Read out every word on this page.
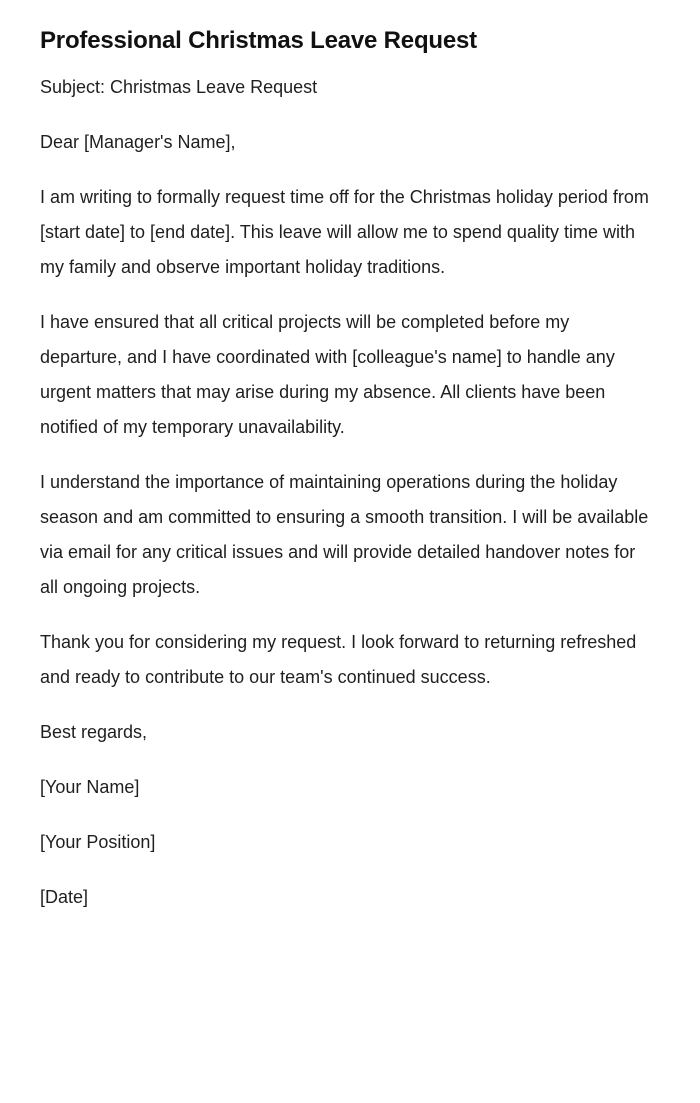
Professional Christmas Leave Request

Subject: Christmas Leave Request

Dear [Manager's Name],

I am writing to formally request time off for the Christmas holiday period from [start date] to [end date]. This leave will allow me to spend quality time with my family and observe important holiday traditions.

I have ensured that all critical projects will be completed before my departure, and I have coordinated with [colleague's name] to handle any urgent matters that may arise during my absence. All clients have been notified of my temporary unavailability.

I understand the importance of maintaining operations during the holiday season and am committed to ensuring a smooth transition. I will be available via email for any critical issues and will provide detailed handover notes for all ongoing projects.

Thank you for considering my request. I look forward to returning refreshed and ready to contribute to our team's continued success.

Best regards,

[Your Name]

[Your Position]

[Date]
